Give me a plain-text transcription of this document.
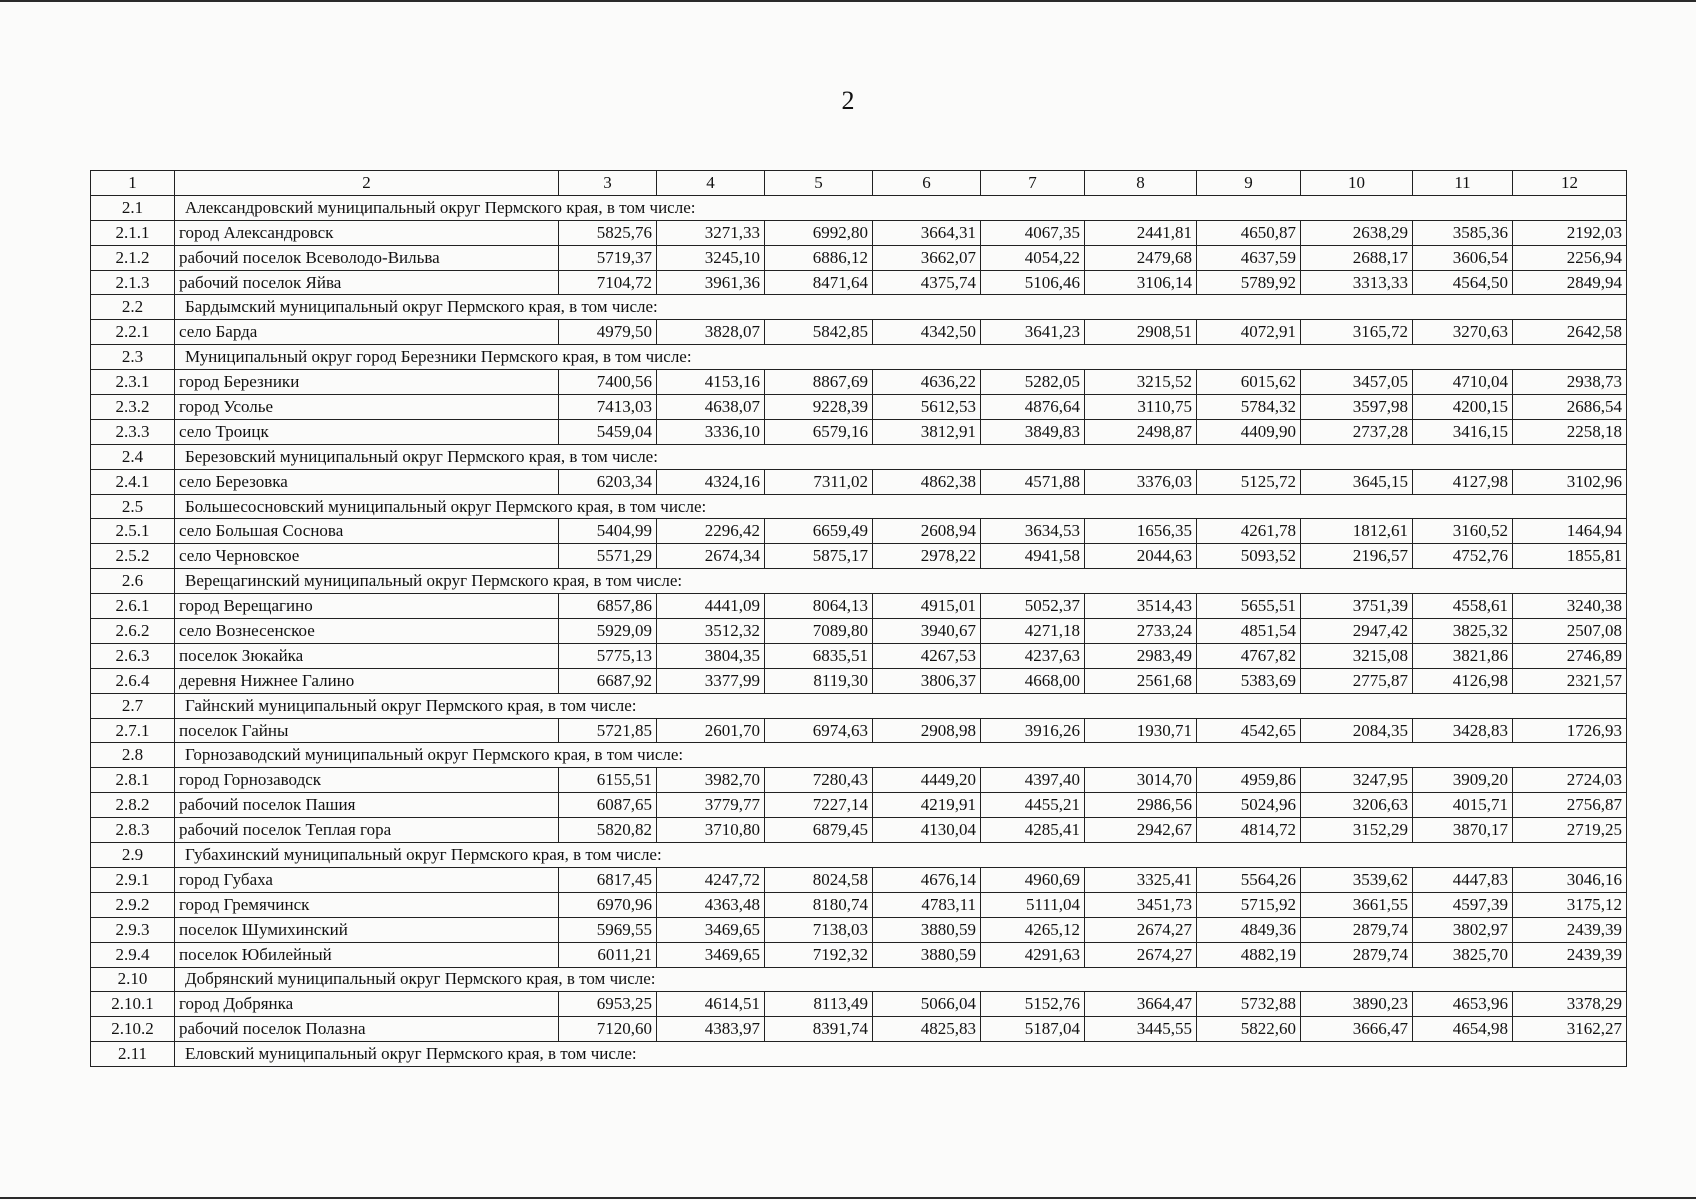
2
1	2	3	4	5	6	7	8	9	10	11	12
2.1	Александровский муниципальный округ Пермского края, в том числе:										
2.1.1	город Александровск	5825,76	3271,33	6992,80	3664,31	4067,35	2441,81	4650,87	2638,29	3585,36	2192,03
2.1.2	рабочий поселок Всеволодо-Вильва	5719,37	3245,10	6886,12	3662,07	4054,22	2479,68	4637,59	2688,17	3606,54	2256,94
2.1.3	рабочий поселок Яйва	7104,72	3961,36	8471,64	4375,74	5106,46	3106,14	5789,92	3313,33	4564,50	2849,94
2.2	Бардымский муниципальный округ Пермского края, в том числе:										
2.2.1	село Барда	4979,50	3828,07	5842,85	4342,50	3641,23	2908,51	4072,91	3165,72	3270,63	2642,58
2.3	Муниципальный округ город Березники Пермского края, в том числе:										
2.3.1	город Березники	7400,56	4153,16	8867,69	4636,22	5282,05	3215,52	6015,62	3457,05	4710,04	2938,73
2.3.2	город Усолье	7413,03	4638,07	9228,39	5612,53	4876,64	3110,75	5784,32	3597,98	4200,15	2686,54
2.3.3	село Троицк	5459,04	3336,10	6579,16	3812,91	3849,83	2498,87	4409,90	2737,28	3416,15	2258,18
2.4	Березовский муниципальный округ Пермского края, в том числе:										
2.4.1	село Березовка	6203,34	4324,16	7311,02	4862,38	4571,88	3376,03	5125,72	3645,15	4127,98	3102,96
2.5	Большесосновский муниципальный округ Пермского края, в том числе:										
2.5.1	село Большая Соснова	5404,99	2296,42	6659,49	2608,94	3634,53	1656,35	4261,78	1812,61	3160,52	1464,94
2.5.2	село Черновское	5571,29	2674,34	5875,17	2978,22	4941,58	2044,63	5093,52	2196,57	4752,76	1855,81
2.6	Верещагинский муниципальный округ Пермского края, в том числе:										
2.6.1	город Верещагино	6857,86	4441,09	8064,13	4915,01	5052,37	3514,43	5655,51	3751,39	4558,61	3240,38
2.6.2	село Вознесенское	5929,09	3512,32	7089,80	3940,67	4271,18	2733,24	4851,54	2947,42	3825,32	2507,08
2.6.3	поселок Зюкайка	5775,13	3804,35	6835,51	4267,53	4237,63	2983,49	4767,82	3215,08	3821,86	2746,89
2.6.4	деревня Нижнее Галино	6687,92	3377,99	8119,30	3806,37	4668,00	2561,68	5383,69	2775,87	4126,98	2321,57
2.7	Гайнский муниципальный округ Пермского края, в том числе:										
2.7.1	поселок Гайны	5721,85	2601,70	6974,63	2908,98	3916,26	1930,71	4542,65	2084,35	3428,83	1726,93
2.8	Горнозаводский муниципальный округ Пермского края, в том числе:										
2.8.1	город Горнозаводск	6155,51	3982,70	7280,43	4449,20	4397,40	3014,70	4959,86	3247,95	3909,20	2724,03
2.8.2	рабочий поселок Пашия	6087,65	3779,77	7227,14	4219,91	4455,21	2986,56	5024,96	3206,63	4015,71	2756,87
2.8.3	рабочий поселок Теплая гора	5820,82	3710,80	6879,45	4130,04	4285,41	2942,67	4814,72	3152,29	3870,17	2719,25
2.9	Губахинский муниципальный округ Пермского края, в том числе:										
2.9.1	город Губаха	6817,45	4247,72	8024,58	4676,14	4960,69	3325,41	5564,26	3539,62	4447,83	3046,16
2.9.2	город Гремячинск	6970,96	4363,48	8180,74	4783,11	5111,04	3451,73	5715,92	3661,55	4597,39	3175,12
2.9.3	поселок Шумихинский	5969,55	3469,65	7138,03	3880,59	4265,12	2674,27	4849,36	2879,74	3802,97	2439,39
2.9.4	поселок Юбилейный	6011,21	3469,65	7192,32	3880,59	4291,63	2674,27	4882,19	2879,74	3825,70	2439,39
2.10	Добрянский муниципальный округ Пермского края, в том числе:										
2.10.1	город Добрянка	6953,25	4614,51	8113,49	5066,04	5152,76	3664,47	5732,88	3890,23	4653,96	3378,29
2.10.2	рабочий поселок Полазна	7120,60	4383,97	8391,74	4825,83	5187,04	3445,55	5822,60	3666,47	4654,98	3162,27
2.11	Еловский муниципальный округ Пермского края, в том числе:										
